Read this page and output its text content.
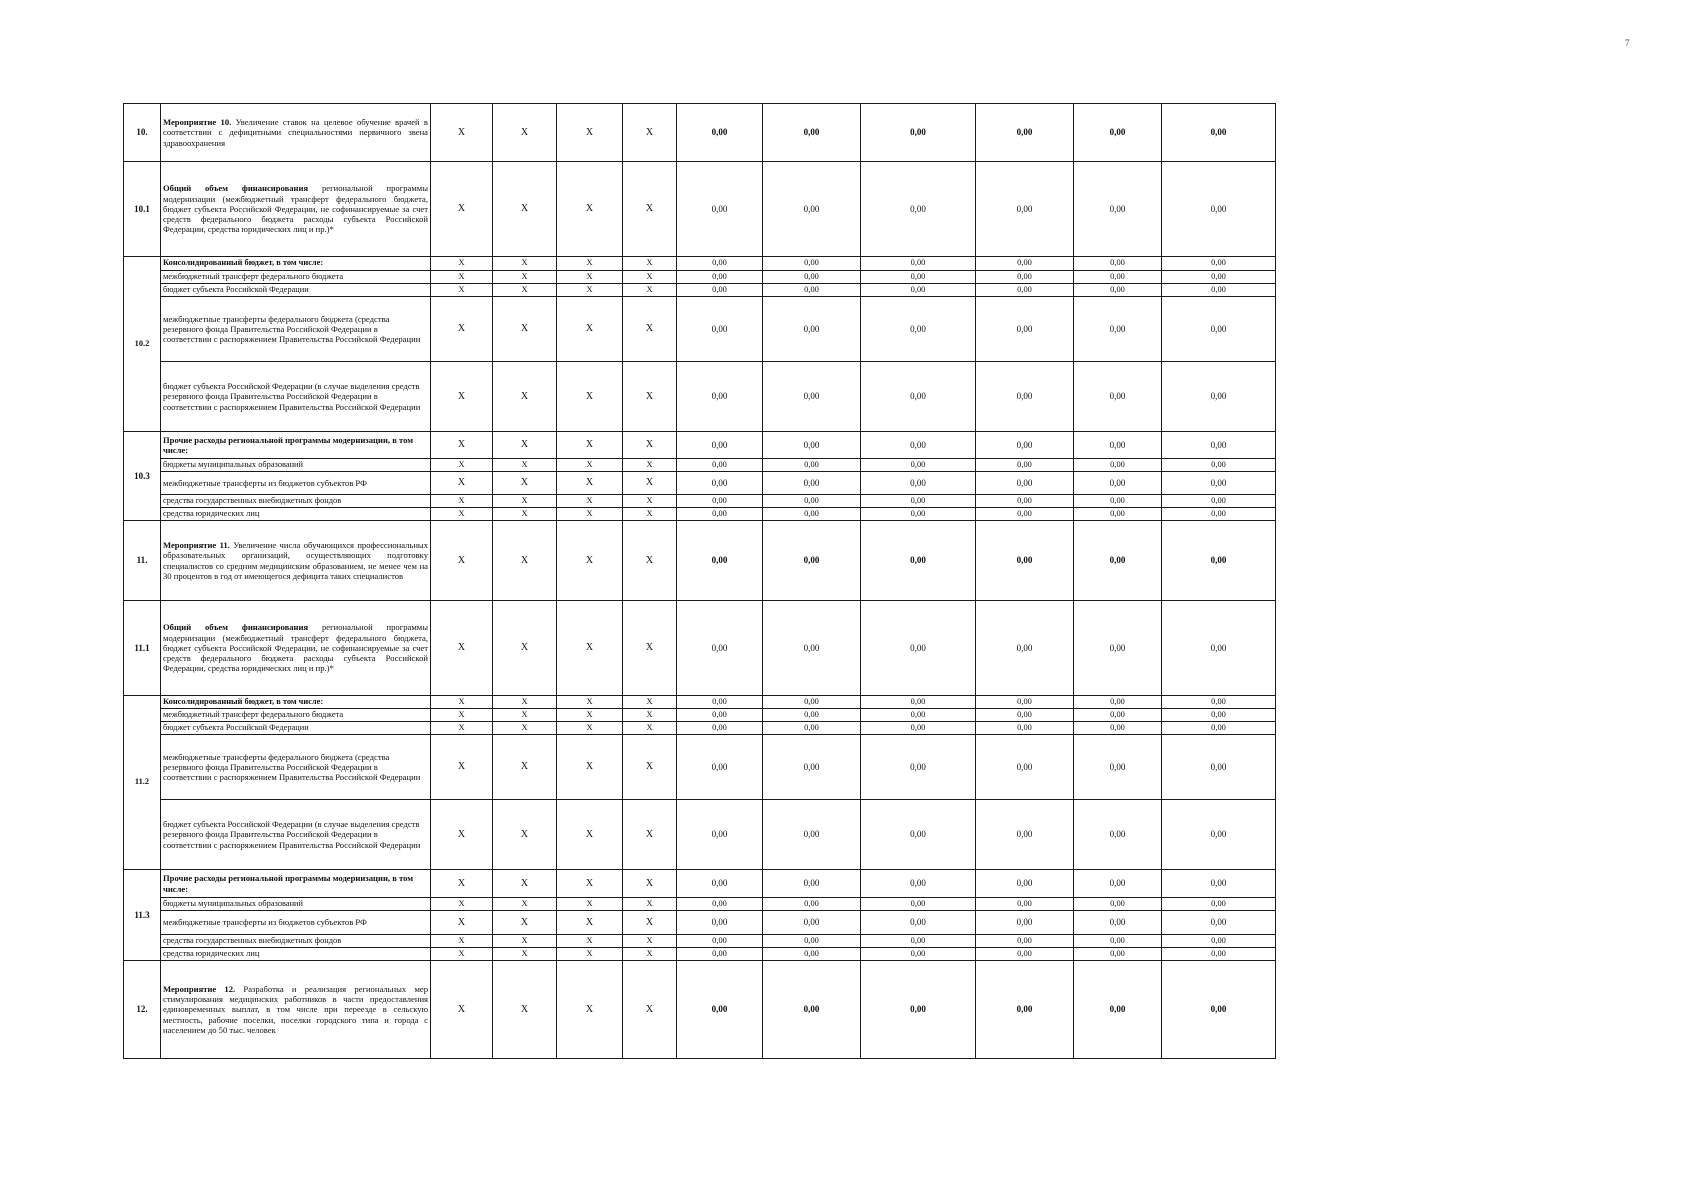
7
10.	Мероприятие 10. Увеличение ставок на целевое обучение врачей в соответствии с дефицитными специальностями первичного звена здравоохранения	X	X	X	X	0,00	0,00	0,00	0,00	0,00	0,00
10.1	Общий объем финансирования региональной программы модернизации (межбюджетный трансферт федерального бюджета, бюджет субъекта Российской Федерации, не софинансируемые за счет средств федерального бюджета расходы субъекта Российской Федерации, средства юридических лиц и пр.)*	X	X	X	X	0,00	0,00	0,00	0,00	0,00	0,00
10.2	Консолидированный бюджет, в том числе:	X	X	X	X	0,00	0,00	0,00	0,00	0,00	0,00
	межбюджетный трансферт федерального бюджета	X	X	X	X	0,00	0,00	0,00	0,00	0,00	0,00
	бюджет субъекта Российской Федерации	X	X	X	X	0,00	0,00	0,00	0,00	0,00	0,00
	межбюджетные трансферты федерального бюджета (средства резервного фонда Правительства Российской Федерации в соответствии с распоряжением Правительства Российской Федерации	X	X	X	X	0,00	0,00	0,00	0,00	0,00	0,00
	бюджет субъекта Российской Федерации (в случае выделения средств резервного фонда Правительства Российской Федерации в соответствии с распоряжением Правительства Российской Федерации	X	X	X	X	0,00	0,00	0,00	0,00	0,00	0,00
10.3	Прочие расходы региональной программы модернизации, в том числе:	X	X	X	X	0,00	0,00	0,00	0,00	0,00	0,00
	бюджеты муниципальных образований	X	X	X	X	0,00	0,00	0,00	0,00	0,00	0,00
	межбюджетные трансферты из бюджетов субъектов РФ	X	X	X	X	0,00	0,00	0,00	0,00	0,00	0,00
	средства государственных внебюджетных фондов	X	X	X	X	0,00	0,00	0,00	0,00	0,00	0,00
	средства юридических лиц	X	X	X	X	0,00	0,00	0,00	0,00	0,00	0,00
11.	Мероприятие 11. Увеличение числа обучающихся профессиональных образовательных организаций, осуществляющих подготовку специалистов со средним медицинским образованием, не менее чем на 30 процентов в год от имеющегося дефицита таких специалистов	X	X	X	X	0,00	0,00	0,00	0,00	0,00	0,00
11.1	Общий объем финансирования региональной программы модернизации (межбюджетный трансферт федерального бюджета, бюджет субъекта Российской Федерации, не софинансируемые за счет средств федерального бюджета расходы субъекта Российской Федерации, средства юридических лиц и пр.)*	X	X	X	X	0,00	0,00	0,00	0,00	0,00	0,00
11.2	Консолидированный бюджет, в том числе:	X	X	X	X	0,00	0,00	0,00	0,00	0,00	0,00
	межбюджетный трансферт федерального бюджета	X	X	X	X	0,00	0,00	0,00	0,00	0,00	0,00
	бюджет субъекта Российской Федерации	X	X	X	X	0,00	0,00	0,00	0,00	0,00	0,00
	межбюджетные трансферты федерального бюджета (средства резервного фонда Правительства Российской Федерации в соответствии с распоряжением Правительства Российской Федерации	X	X	X	X	0,00	0,00	0,00	0,00	0,00	0,00
	бюджет субъекта Российской Федерации (в случае выделения средств резервного фонда Правительства Российской Федерации в соответствии с распоряжением Правительства Российской Федерации	X	X	X	X	0,00	0,00	0,00	0,00	0,00	0,00
11.3	Прочие расходы региональной программы модернизации, в том числе:	X	X	X	X	0,00	0,00	0,00	0,00	0,00	0,00
	бюджеты муниципальных образований	X	X	X	X	0,00	0,00	0,00	0,00	0,00	0,00
	межбюджетные трансферты из бюджетов субъектов РФ	X	X	X	X	0,00	0,00	0,00	0,00	0,00	0,00
	средства государственных внебюджетных фондов	X	X	X	X	0,00	0,00	0,00	0,00	0,00	0,00
	средства юридических лиц	X	X	X	X	0,00	0,00	0,00	0,00	0,00	0,00
12.	Мероприятие 12. Разработка и реализация региональных мер стимулирования медицинских работников в части предоставления единовременных выплат, в том числе при переезде в сельскую местность, рабочие поселки, поселки городского типа и города с населением до 50 тыс. человек	X	X	X	X	0,00	0,00	0,00	0,00	0,00	0,00
